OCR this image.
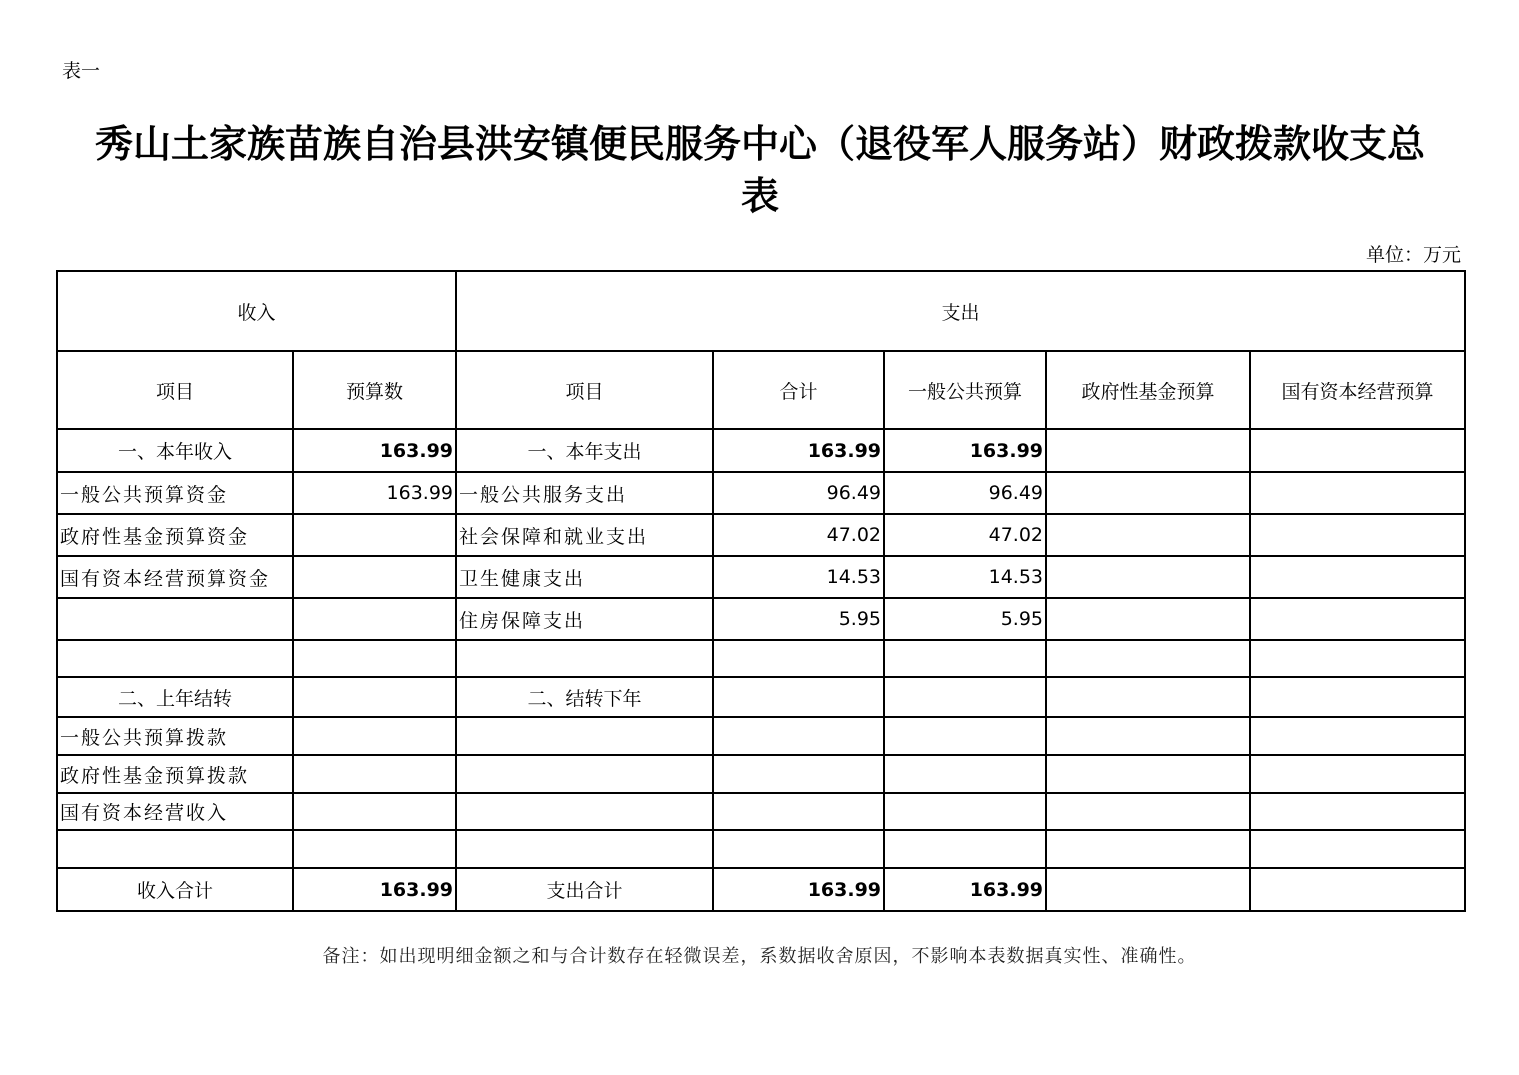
表一
秀山土家族苗族自治县洪安镇便民服务中心（退役军人服务站）财政拨款收支总
表
单位：万元
收入		支出				
项目	预算数	项目	合计	一般公共预算	政府性基金预算	国有资本经营预算
一、本年收入	163.99	一、本年支出	163.99	163.99		
一般公共预算资金	163.99	一般公共服务支出	96.49	96.49		
政府性基金预算资金		社会保障和就业支出	47.02	47.02		
国有资本经营预算资金		卫生健康支出	14.53	14.53		
		住房保障支出	5.95	5.95		

二、上年结转		二、结转下年				
一般公共预算拨款						
政府性基金预算拨款						
国有资本经营收入						

收入合计	163.99	支出合计	163.99	163.99		
备注：如出现明细金额之和与合计数存在轻微误差，系数据收舍原因，不影响本表数据真实性、准确性。
